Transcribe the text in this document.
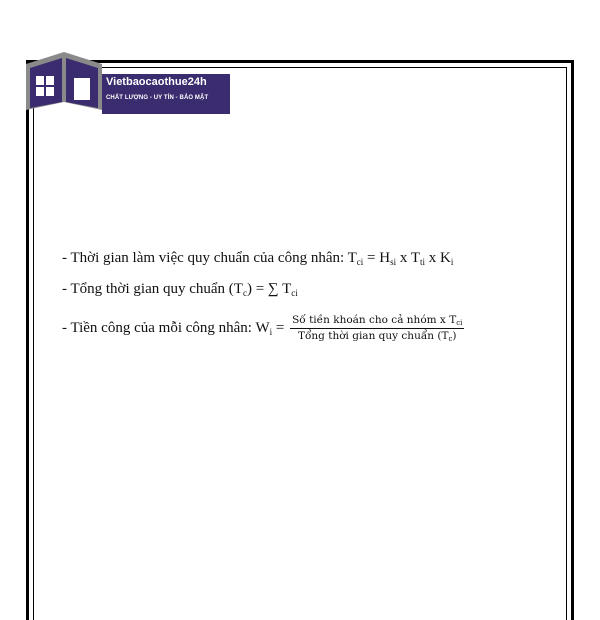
Vietbaocaothue24h
CHẤT LƯỢNG - UY TÍN - BẢO MẬT
- Thời gian làm việc quy chuẩn của công nhân: $T_{ci} = H_{si}$ x $T_{ti}$ x $K_i$
- Tổng thời gian quy chuẩn $(T_c)$ = ∑ $T_{ci}$
- Tiền công của mỗi công nhân: $W_i = \frac{Số tiền khoán cho cả nhóm x T_{ci}}{Tổng thời gian quy chuẩn (T_c)}$
